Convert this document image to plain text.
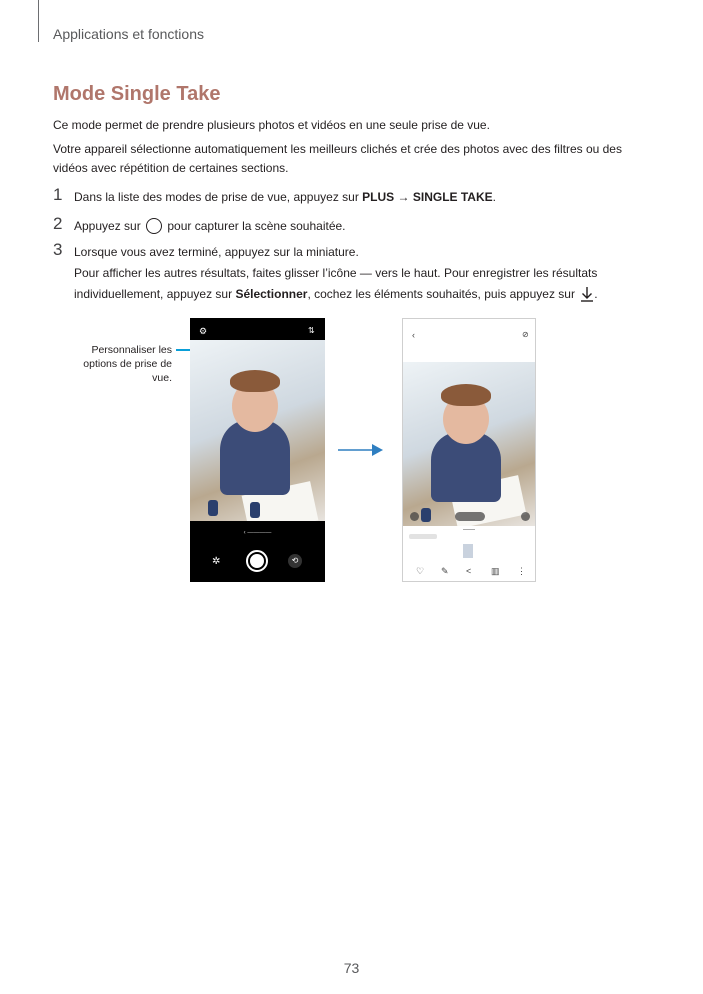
Applications et fonctions
Mode Single Take
Ce mode permet de prendre plusieurs photos et vidéos en une seule prise de vue.
Votre appareil sélectionne automatiquement les meilleurs clichés et crée des photos avec des filtres ou des
vidéos avec répétition de certaines sections.
1 Dans la liste des modes de prise de vue, appuyez sur PLUS → SINGLE TAKE.
2 Appuyez sur  pour capturer la scène souhaitée.
3 Lorsque vous avez terminé, appuyez sur la miniature.
Pour afficher les autres résultats, faites glisser l’icône — vers le haut. Pour enregistrer les résultats
individuellement, appuyez sur Sélectionner, cochez les éléments souhaités, puis appuyez sur .
Personnaliser les
options de prise de
vue.
⚙	⇅
‹ ————
✲	⟲
‹	⊘
♡ ✎ < ▥ ⋮
73
